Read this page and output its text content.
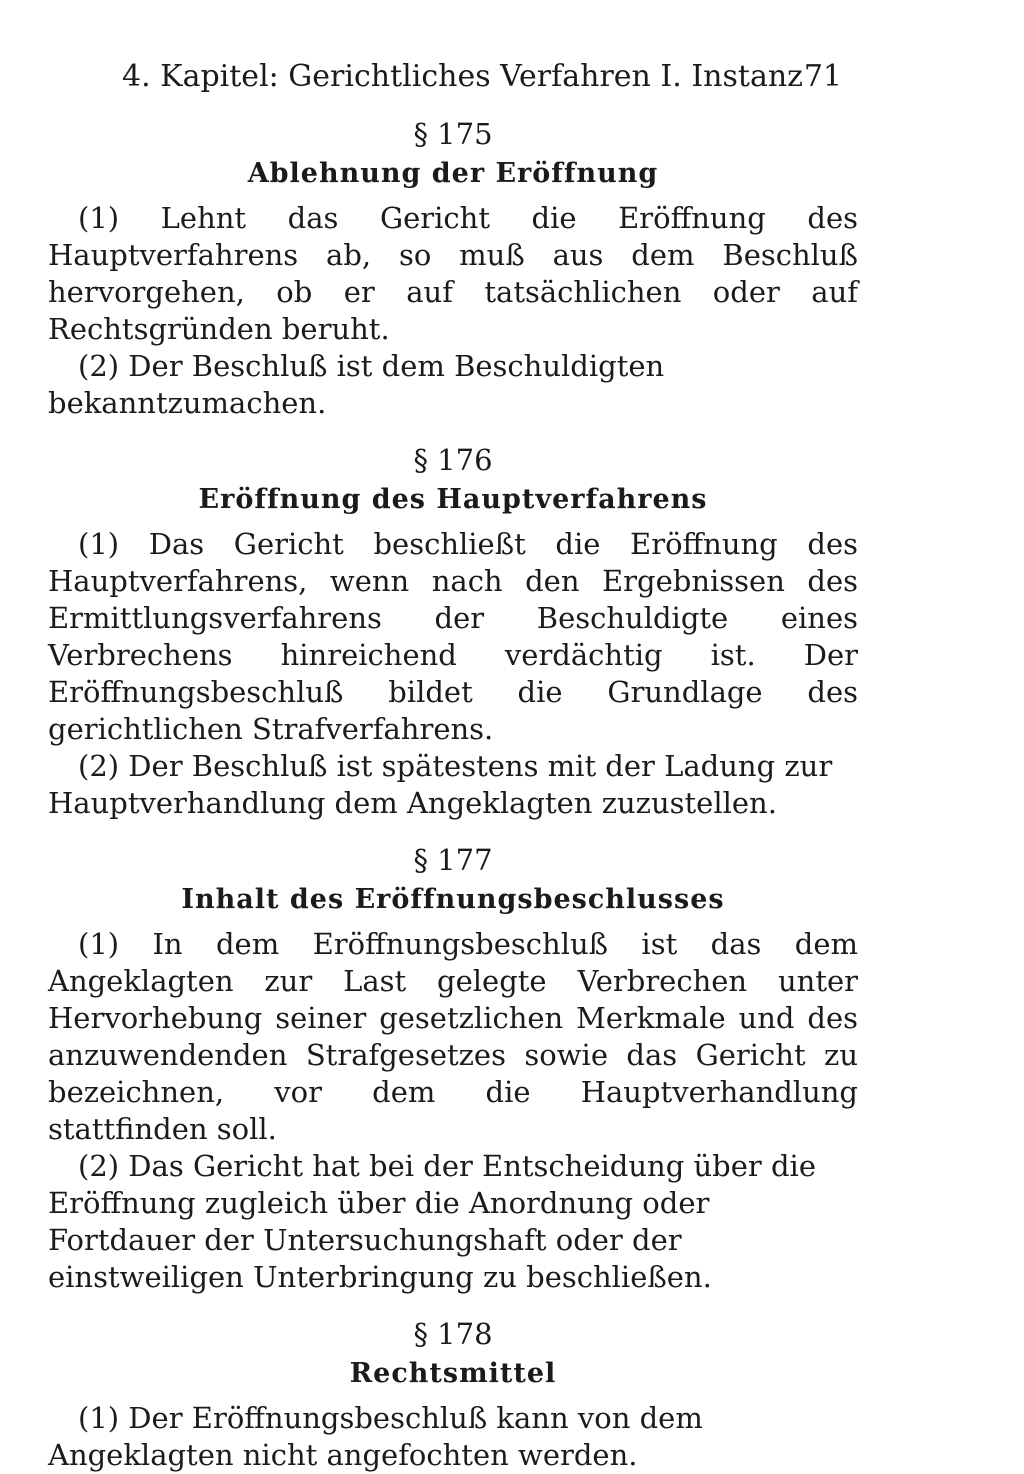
4. Kapitel: Gerichtliches Verfahren I. Instanz 71
§ 175
Ablehnung der Eröffnung

(1) Lehnt das Gericht die Eröffnung des Hauptverfahrens ab, so muß aus dem Beschluß hervorgehen, ob er auf tatsächlichen oder auf Rechtsgründen beruht.

(2) Der Beschluß ist dem Beschuldigten bekanntzumachen.

§ 176
Eröffnung des Hauptverfahrens

(1) Das Gericht beschließt die Eröffnung des Hauptverfahrens, wenn nach den Ergebnissen des Ermittlungsverfahrens der Beschuldigte eines Verbrechens hinreichend verdächtig ist. Der Eröffnungsbeschluß bildet die Grundlage des gerichtlichen Strafverfahrens.

(2) Der Beschluß ist spätestens mit der Ladung zur Hauptverhandlung dem Angeklagten zuzustellen.

§ 177
Inhalt des Eröffnungsbeschlusses

(1) In dem Eröffnungsbeschluß ist das dem Angeklagten zur Last gelegte Verbrechen unter Hervorhebung seiner gesetzlichen Merkmale und des anzuwendenden Strafgesetzes sowie das Gericht zu bezeichnen, vor dem die Hauptverhandlung stattfinden soll.

(2) Das Gericht hat bei der Entscheidung über die Eröffnung zugleich über die Anordnung oder Fortdauer der Untersuchungshaft oder der einstweiligen Unterbringung zu beschließen.

§ 178
Rechtsmittel

(1) Der Eröffnungsbeschluß kann von dem Angeklagten nicht angefochten werden.
